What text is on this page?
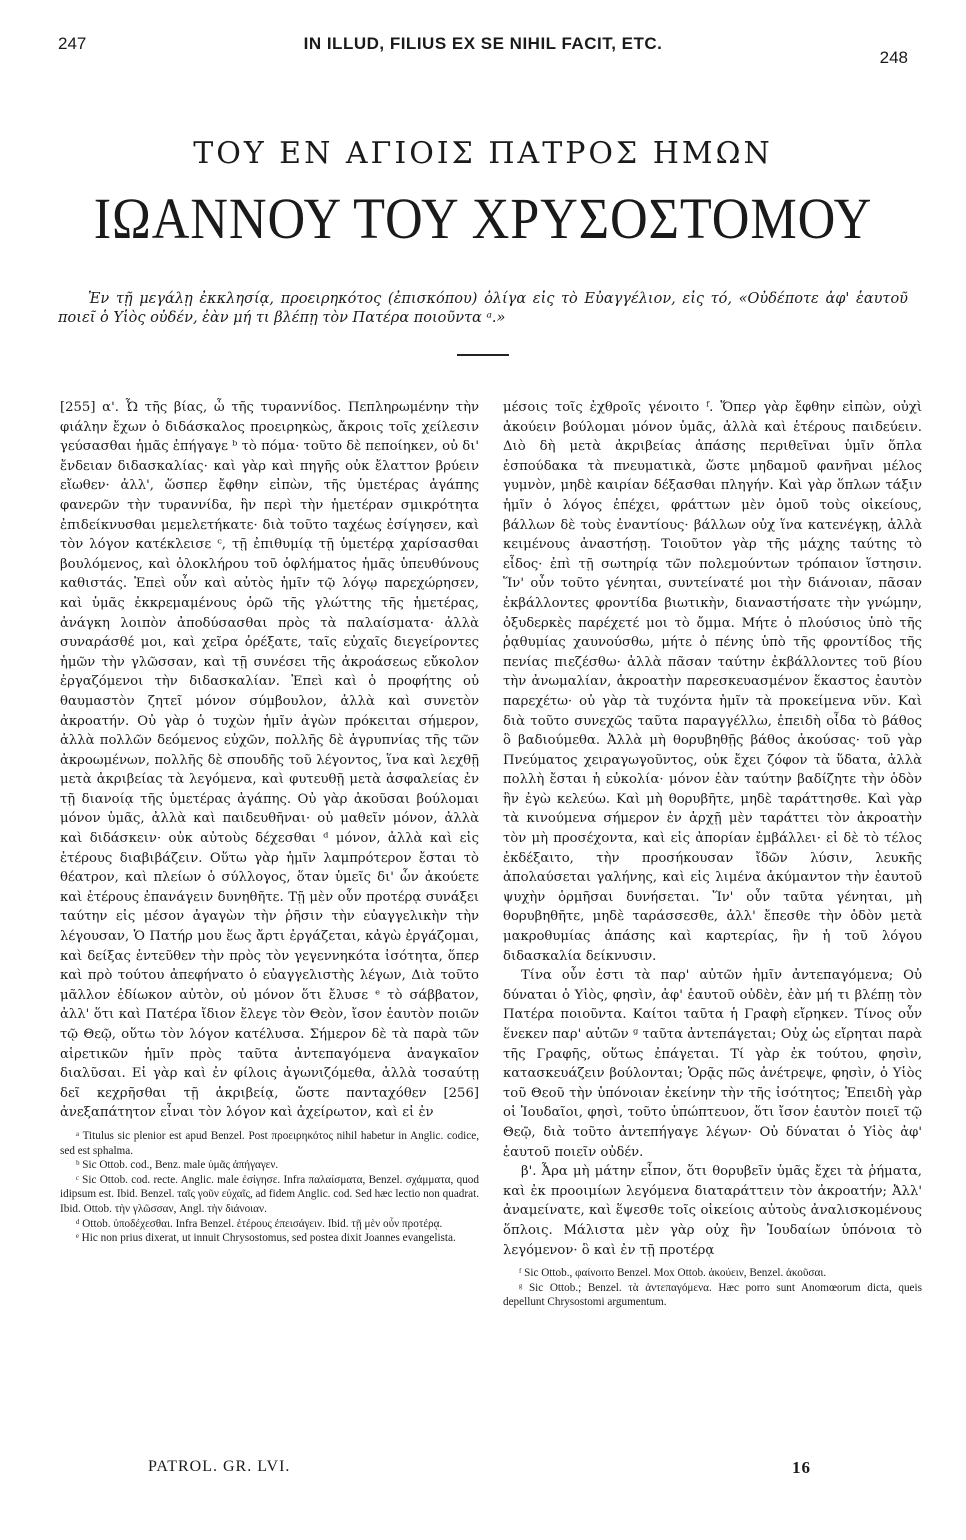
247	IN ILLUD, FILIUS EX SE NIHIL FACIT, ETC.
248
ΤΟΥ ΕΝ ΑΓΙΟΙΣ ΠΑΤΡΟΣ ΗΜΩΝ
ΙΩΑΝΝΟΥ ΤΟΥ ΧΡΥΣΟΣΤΟΜΟΥ
Ἐν τῇ μεγάλῃ ἐκκλησίᾳ, προειρηκότος (ἐπισκόπου) ὀλίγα εἰς τὸ Εὐαγγέλιον, εἰς τό, «Οὐδέποτε ἀφ' ἑαυτοῦ ποιεῖ ὁ Υἱὸς οὐδέν, ἐὰν μή τι βλέπῃ τὸν Πατέρα ποιοῦντα ᵃ.»

[255] α'. Ὦ τῆς βίας, ὦ τῆς τυραννίδος. Πεπληρωμένην τὴν φιάλην ἔχων ὁ διδάσκαλος προειρηκὼς, ἄκροις τοῖς χείλεσιν γεύσασθαι ἡμᾶς ἐπήγαγε ᵇ τὸ πόμα· τοῦτο δὲ πεποίηκεν, οὐ δι' ἔνδειαν διδασκαλίας· καὶ γὰρ καὶ πηγῆς οὐκ ἔλαττον βρύειν εἴωθεν· ἀλλ', ὥσπερ ἔφθην εἰπὼν, τῆς ὑμετέρας ἀγάπης φανερῶν τὴν τυραννίδα, ἣν περὶ τὴν ἡμετέραν σμικρότητα ἐπιδείκνυσθαι μεμελετήκατε· διὰ τοῦτο ταχέως ἐσίγησεν, καὶ τὸν λόγον κατέκλεισε ᶜ, τῇ ἐπιθυμίᾳ τῇ ὑμετέρᾳ χαρίσασθαι βουλόμενος, καὶ ὁλοκλήρου τοῦ ὀφλήματος ἡμᾶς ὑπευθύνους καθιστάς. Ἐπεὶ οὖν καὶ αὐτὸς ἡμῖν τῷ λόγῳ παρεχώρησεν, καὶ ὑμᾶς ἐκκρεμαμένους ὁρῶ τῆς γλώττης τῆς ἡμετέρας, ἀνάγκη λοιπὸν ἀποδύσασθαι πρὸς τὰ παλαίσματα· ἀλλὰ συναράσθέ μοι, καὶ χεῖρα ὀρέξατε, ταῖς εὐχαῖς διεγείροντες ἡμῶν τὴν γλῶσσαν, καὶ τῇ συνέσει τῆς ἀκροάσεως εὔκολον ἐργαζόμενοι τὴν διδασκαλίαν. Ἐπεὶ καὶ ὁ προφήτης οὐ θαυμαστὸν ζητεῖ μόνον σύμβουλον, ἀλλὰ καὶ συνετὸν ἀκροατήν. Οὐ γὰρ ὁ τυχὼν ἡμῖν ἀγὼν πρόκειται σήμερον, ἀλλὰ πολλῶν δεόμενος εὐχῶν, πολλῆς δὲ ἀγρυπνίας τῆς τῶν ἀκροωμένων, πολλῆς δὲ σπουδῆς τοῦ λέγοντος, ἵνα καὶ λεχθῇ μετὰ ἀκριβείας τὰ λεγόμενα, καὶ φυτευθῇ μετὰ ἀσφαλείας ἐν τῇ διανοίᾳ τῆς ὑμετέρας ἀγάπης. Οὐ γὰρ ἀκοῦσαι βούλομαι μόνον ὑμᾶς, ἀλλὰ καὶ παιδευθῆναι· οὐ μαθεῖν μόνον, ἀλλὰ καὶ διδάσκειν· οὐκ αὐτοὺς δέχεσθαι ᵈ μόνον, ἀλλὰ καὶ εἰς ἑτέρους διαβιβάζειν. Οὕτω γὰρ ἡμῖν λαμπρότερον ἔσται τὸ θέατρον, καὶ πλείων ὁ σύλλογος, ὅταν ὑμεῖς δι' ὧν ἀκούετε καὶ ἑτέρους ἐπανάγειν δυνηθῆτε. Τῇ μὲν οὖν προτέρᾳ συνάξει ταύτην εἰς μέσον ἀγαγὼν τὴν ῥῆσιν τὴν εὐαγγελικὴν τὴν λέγουσαν, Ὁ Πατήρ μου ἕως ἄρτι ἐργάζεται, κἀγὼ ἐργάζομαι, καὶ δείξας ἐντεῦθεν τὴν πρὸς τὸν γεγεννηκότα ἰσότητα, ὅπερ καὶ πρὸ τούτου ἀπεφήνατο ὁ εὐαγγελιστὴς λέγων, Διὰ τοῦτο μᾶλλον ἐδίωκον αὐτὸν, οὐ μόνον ὅτι ἔλυσε ᵉ τὸ σάββατον, ἀλλ' ὅτι καὶ Πατέρα ἴδιον ἔλεγε τὸν Θεὸν, ἴσον ἑαυτὸν ποιῶν τῷ Θεῷ, οὕτω τὸν λόγον κατέλυσα. Σήμερον δὲ τὰ παρὰ τῶν αἱρετικῶν ἡμῖν πρὸς ταῦτα ἀντεπαγόμενα ἀναγκαῖον διαλῦσαι. Εἰ γὰρ καὶ ἐν φίλοις ἀγωνιζόμεθα, ἀλλὰ τοσαύτῃ δεῖ κεχρῆσθαι τῇ ἀκριβείᾳ, ὥστε πανταχόθεν [256] ἀνεξαπάτητον εἶναι τὸν λόγον καὶ ἀχείρωτον, καὶ εἰ ἐν

ᵃ Titulus sic plenior est apud Benzel. Post προειρηκότος nihil habetur in Anglic. codice, sed est sphalma.
ᵇ Sic Ottob. cod., Benz. male ὑμᾶς ἀπήγαγεν.
ᶜ Sic Ottob. cod. recte. Anglic. male ἐσίγησε. Infra παλαίσματα, Benzel. σχάμματα, quod idipsum est. Ibid. Benzel. ταῖς γοῦν εὐχαῖς, ad fidem Anglic. cod. Sed hæc lectio non quadrat. Ibid. Ottob. τὴν γλῶσσαν, Angl. τὴν διάνοιαν.
ᵈ Ottob. ὑποδέχεσθαι. Infra Benzel. ἑτέρους ἐπεισάγειν. Ibid. τῇ μὲν οὖν προτέρᾳ.
ᵉ Hic non prius dixerat, ut innuit Chrysostomus, sed postea dixit Joannes evangelista.

μέσοις τοῖς ἐχθροῖς γένοιτο ᶠ. Ὅπερ γὰρ ἔφθην εἰπὼν, οὐχὶ ἀκούειν βούλομαι μόνον ὑμᾶς, ἀλλὰ καὶ ἑτέρους παιδεύειν. Διὸ δὴ μετὰ ἀκριβείας ἁπάσης περιθεῖναι ὑμῖν ὅπλα ἐσπούδακα τὰ πνευματικὰ, ὥστε μηδαμοῦ φανῆναι μέλος γυμνὸν, μηδὲ καιρίαν δέξασθαι πληγήν. Καὶ γὰρ ὅπλων τάξιν ἡμῖν ὁ λόγος ἐπέχει, φράττων μὲν ὁμοῦ τοὺς οἰκείους, βάλλων δὲ τοὺς ἐναντίους· βάλλων οὐχ ἵνα κατενέγκῃ, ἀλλὰ κειμένους ἀναστήσῃ. Τοιοῦτον γὰρ τῆς μάχης ταύτης τὸ εἶδος· ἐπὶ τῇ σωτηρίᾳ τῶν πολεμούντων τρόπαιον ἵστησιν. Ἵν' οὖν τοῦτο γένηται, συντείνατέ μοι τὴν διάνοιαν, πᾶσαν ἐκβάλλοντες φροντίδα βιωτικὴν, διαναστήσατε τὴν γνώμην, ὀξυδερκὲς παρέχετέ μοι τὸ ὄμμα. Μήτε ὁ πλούσιος ὑπὸ τῆς ῥᾳθυμίας χαυνούσθω, μήτε ὁ πένης ὑπὸ τῆς φροντίδος τῆς πενίας πιεζέσθω· ἀλλὰ πᾶσαν ταύτην ἐκβάλλοντες τοῦ βίου τὴν ἀνωμαλίαν, ἀκροατὴν παρεσκευασμένον ἕκαστος ἑαυτὸν παρεχέτω· οὐ γὰρ τὰ τυχόντα ἡμῖν τὰ προκείμενα νῦν. Καὶ διὰ τοῦτο συνεχῶς ταῦτα παραγγέλλω, ἐπειδὴ οἶδα τὸ βάθος ὃ βαδιούμεθα. Ἀλλὰ μὴ θορυβηθῇς βάθος ἀκούσας· τοῦ γὰρ Πνεύματος χειραγωγοῦντος, οὐκ ἔχει ζόφον τὰ ὕδατα, ἀλλὰ πολλὴ ἔσται ἡ εὐκολία· μόνον ἐὰν ταύτην βαδίζητε τὴν ὁδὸν ἣν ἐγὼ κελεύω. Καὶ μὴ θορυβῆτε, μηδὲ ταράττησθε. Καὶ γὰρ τὰ κινούμενα σήμερον ἐν ἀρχῇ μὲν ταράττει τὸν ἀκροατὴν τὸν μὴ προσέχοντα, καὶ εἰς ἀπορίαν ἐμβάλλει· εἰ δὲ τὸ τέλος ἐκδέξαιτο, τὴν προσήκουσαν ἴδῶν λύσιν, λευκῆς ἀπολαύσεται γαλήνης, καὶ εἰς λιμένα ἀκύμαντον τὴν ἑαυτοῦ ψυχὴν ὁρμῆσαι δυνήσεται. Ἵν' οὖν ταῦτα γένηται, μὴ θορυβηθῆτε, μηδὲ ταράσσεσθε, ἀλλ' ἔπεσθε τὴν ὁδὸν μετὰ μακροθυμίας ἁπάσης καὶ καρτερίας, ἣν ἡ τοῦ λόγου διδασκαλία δείκνυσιν.

Τίνα οὖν ἐστι τὰ παρ' αὐτῶν ἡμῖν ἀντεπαγόμενα; Οὐ δύναται ὁ Υἱὸς, φησὶν, ἀφ' ἑαυτοῦ οὐδὲν, ἐὰν μή τι βλέπῃ τὸν Πατέρα ποιοῦντα. Καίτοι ταῦτα ἡ Γραφὴ εἴρηκεν. Τίνος οὖν ἕνεκεν παρ' αὐτῶν ᵍ ταῦτα ἀντεπάγεται; Οὐχ ὡς εἴρηται παρὰ τῆς Γραφῆς, οὕτως ἐπάγεται. Τί γὰρ ἐκ τούτου, φησὶν, κατασκευάζειν βούλονται; Ὁρᾷς πῶς ἀνέτρεψε, φησὶν, ὁ Υἱὸς τοῦ Θεοῦ τὴν ὑπόνοιαν ἐκείνην τὴν τῆς ἰσότητος; Ἐπειδὴ γὰρ οἱ Ἰουδαῖοι, φησὶ, τοῦτο ὑπώπτευον, ὅτι ἴσον ἑαυτὸν ποιεῖ τῷ Θεῷ, διὰ τοῦτο ἀντεπήγαγε λέγων· Οὐ δύναται ὁ Υἱὸς ἀφ' ἑαυτοῦ ποιεῖν οὐδέν.

β'. Ἆρα μὴ μάτην εἶπον, ὅτι θορυβεῖν ὑμᾶς ἔχει τὰ ῥήματα, καὶ ἐκ προοιμίων λεγόμενα διαταράττειν τὸν ἀκροατήν; Ἀλλ' ἀναμείνατε, καὶ ἕψεσθε τοῖς οἰκείοις αὐτοὺς ἀναλισκομένους ὅπλοις. Μάλιστα μὲν γὰρ οὐχ ἣν Ἰουδαίων ὑπόνοια τὸ λεγόμενον· ὃ καὶ ἐν τῇ προτέρᾳ

ᶠ Sic Ottob., φαίνοιτο Benzel. Mox Ottob. ἀκούειν, Benzel. ἀκοῦσαι.
ᵍ Sic Ottob.; Benzel. τὰ ἀντεπαγόμενα. Hæc porro sunt Anomœorum dicta, queis depellunt Chrysostomi argumentum.
PATROL. GR. LVI.	16
